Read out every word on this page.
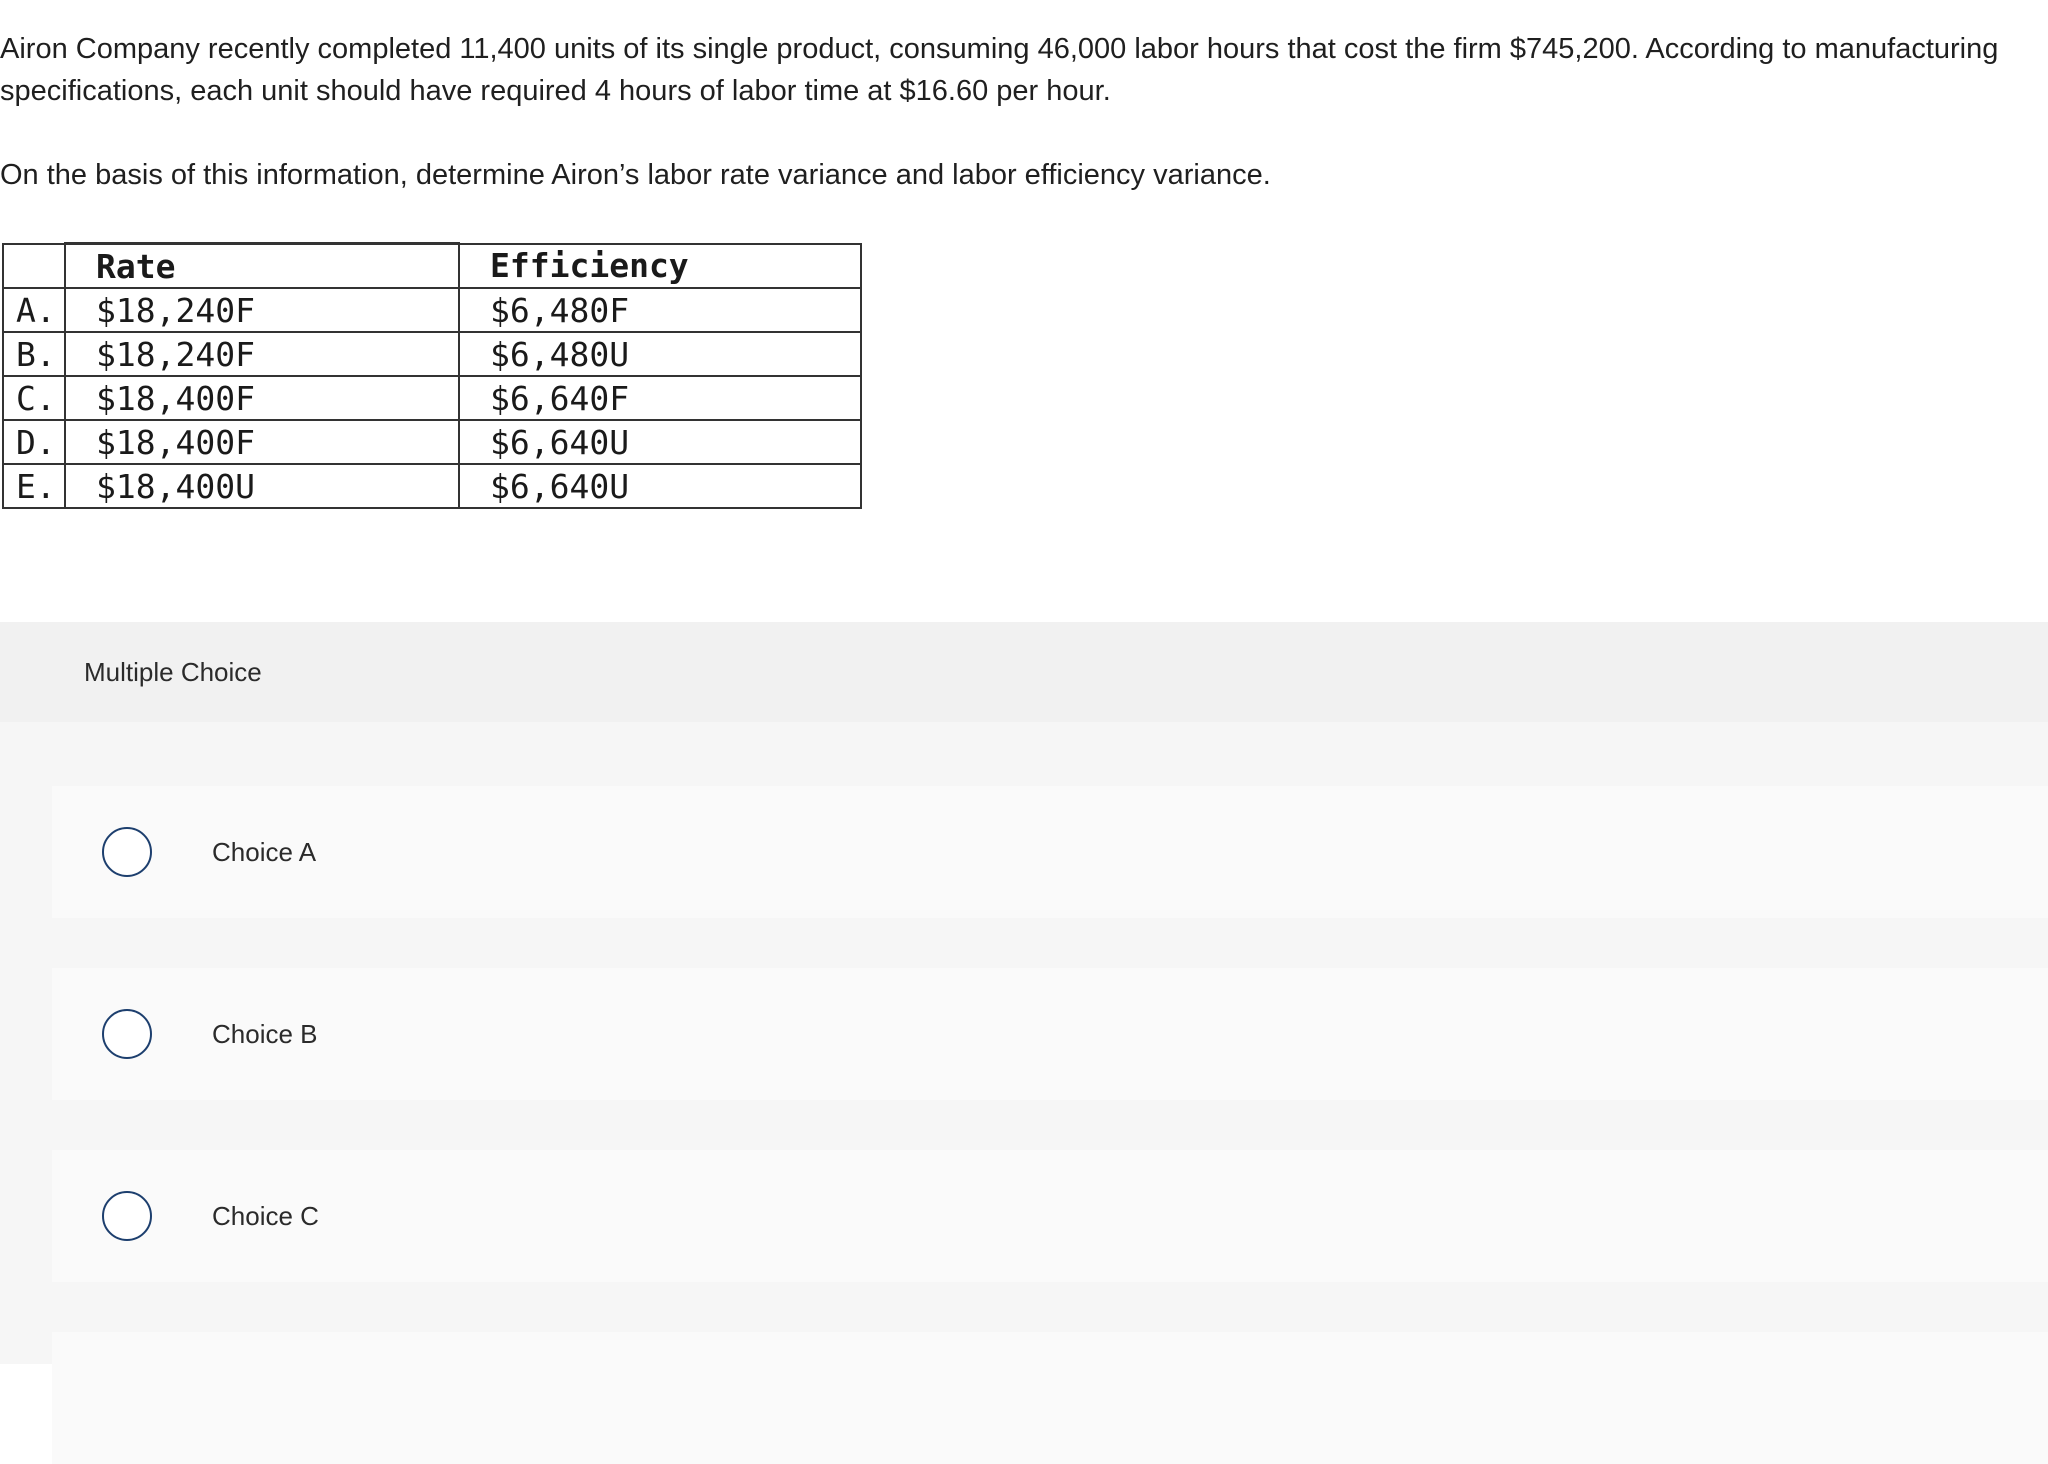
Airon Company recently completed 11,400 units of its single product, consuming 46,000 labor hours that cost the firm $745,200. According to manufacturing specifications, each unit should have required 4 hours of labor time at $16.60 per hour.

On the basis of this information, determine Airon’s labor rate variance and labor efficiency variance.

	Rate	Efficiency
A.	$18,240F	$6,480F
B.	$18,240F	$6,480U
C.	$18,400F	$6,640F
D.	$18,400F	$6,640U
E.	$18,400U	$6,640U
Multiple Choice
Choice A
Choice B
Choice C
